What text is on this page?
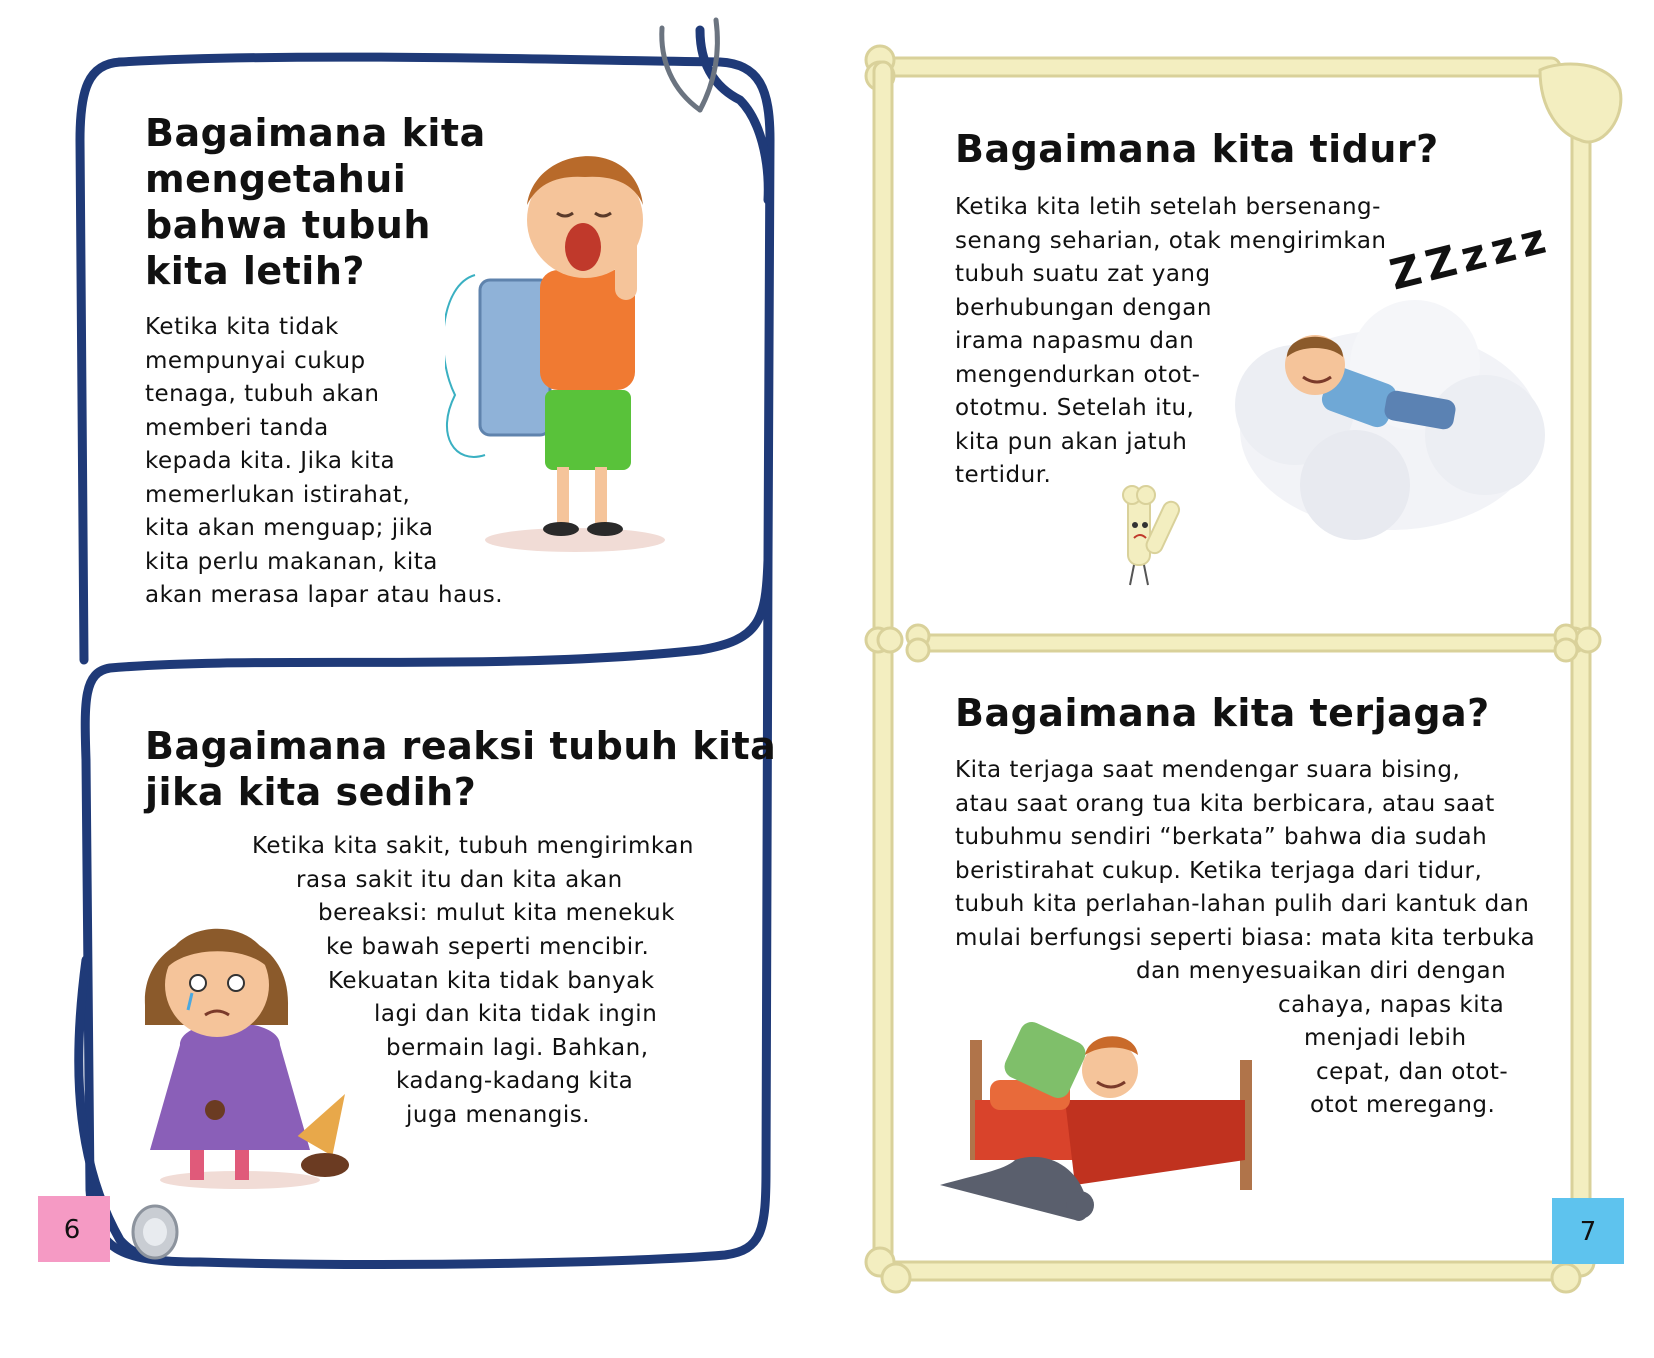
Bagaimana kita
mengetahui
bahwa tubuh
kita letih?
Ketika kita tidak
mempunyai cukup
tenaga, tubuh akan
memberi tanda
kepada kita. Jika kita
memerlukan istirahat,
kita akan menguap; jika
kita perlu makanan, kita
akan merasa lapar atau haus.
Bagaimana reaksi tubuh kita
jika kita sedih?
Ketika kita sakit, tubuh mengirimkan
rasa sakit itu dan kita akan
bereaksi: mulut kita menekuk
ke bawah seperti mencibir.
Kekuatan kita tidak banyak
lagi dan kita tidak ingin
bermain lagi. Bahkan,
kadang-kadang kita
juga menangis.
6
Bagaimana kita tidur?
Ketika kita letih setelah bersenang-
senang seharian, otak mengirimkan
tubuh suatu zat yang
berhubungan dengan
irama napasmu dan
mengendurkan otot-
ototmu. Setelah itu,
kita pun akan jatuh
tertidur.
ZZzzz
Bagaimana kita terjaga?
Kita terjaga saat mendengar suara bising,
atau saat orang tua kita berbicara, atau saat
tubuhmu sendiri “berkata” bahwa dia sudah
beristirahat cukup. Ketika terjaga dari tidur,
tubuh kita perlahan-lahan pulih dari kantuk dan
mulai berfungsi seperti biasa: mata kita terbuka
dan menyesuaikan diri dengan
cahaya, napas kita
menjadi lebih
cepat, dan otot-
otot meregang.
7
